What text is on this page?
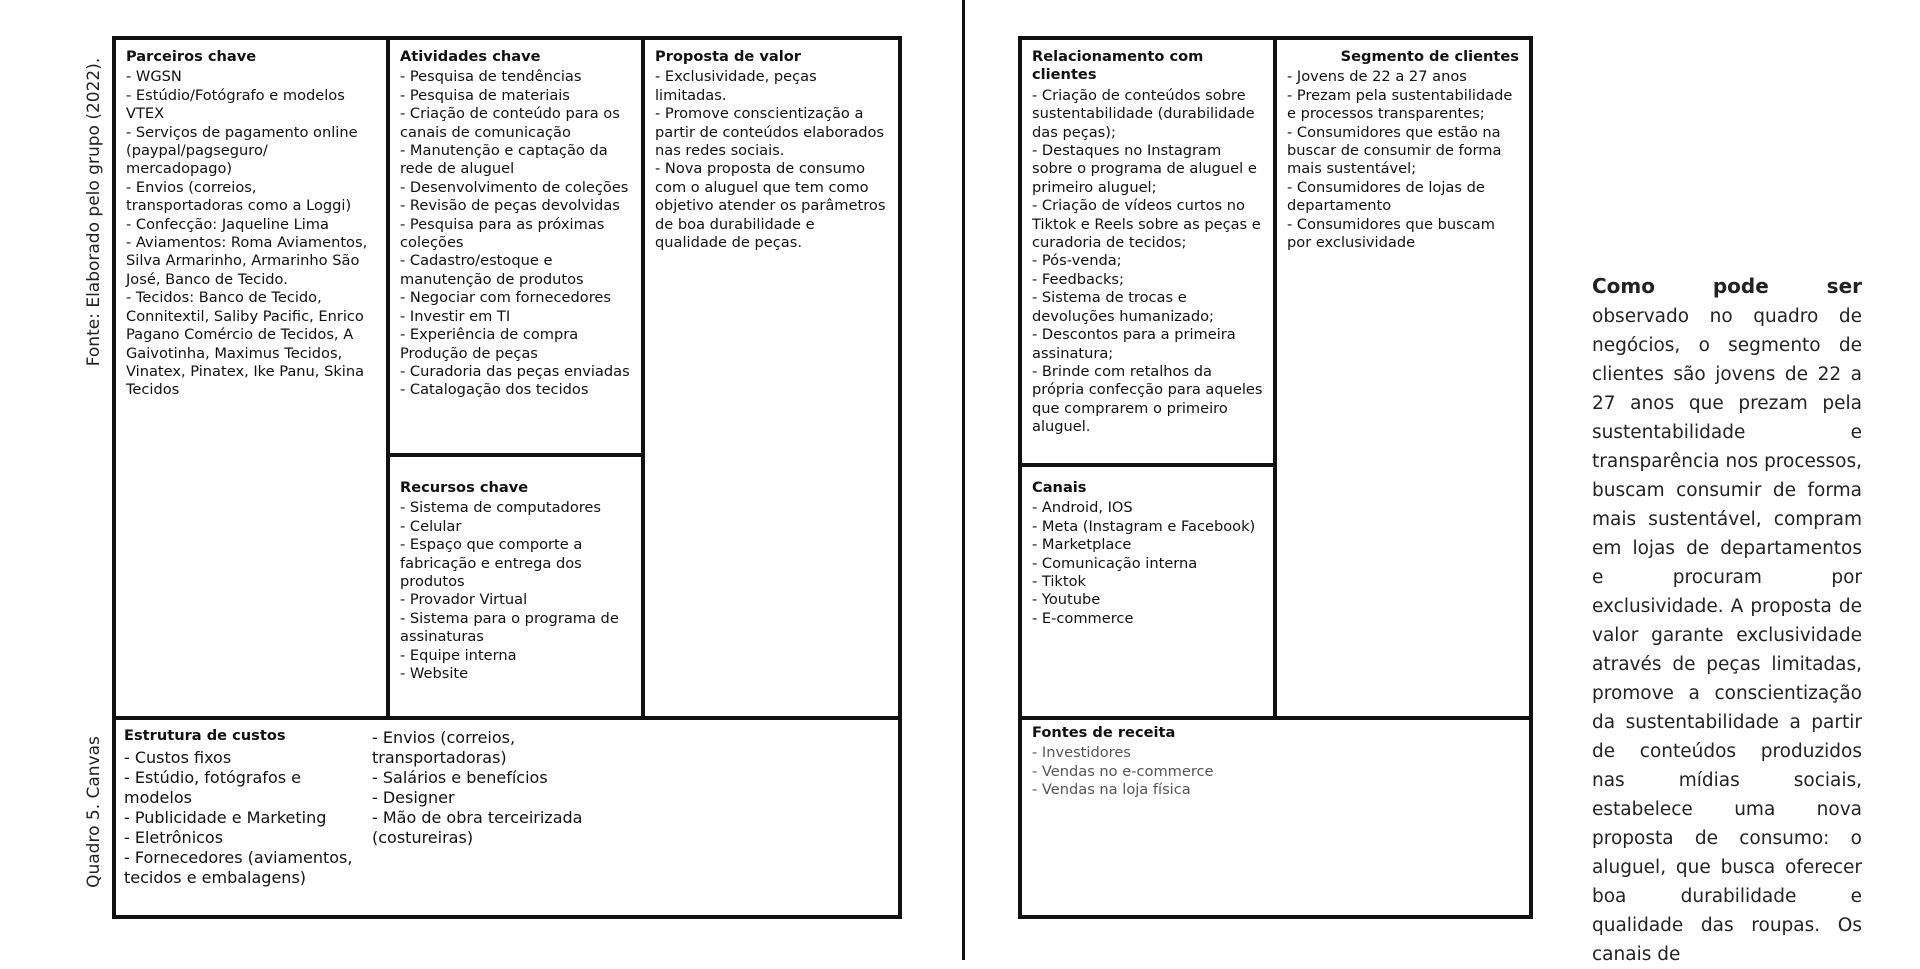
Fonte: Elaborado pelo grupo (2022).
Quadro 5. Canvas
Parceiros chave
- WGSN
- Estúdio/Fotógrafo e modelos VTEX
- Serviços de pagamento online (paypal/pagseguro/ mercadopago)
- Envios (correios, transportadoras como a Loggi)
- Confecção: Jaqueline Lima
- Aviamentos: Roma Aviamentos, Silva Armarinho, Armarinho São José, Banco de Tecido.
- Tecidos: Banco de Tecido, Connitextil, Saliby Pacific, Enrico Pagano Comércio de Tecidos, A Gaivotinha, Maximus Tecidos, Vinatex, Pinatex, Ike Panu, Skina Tecidos
Atividades chave
- Pesquisa de tendências
- Pesquisa de materiais
- Criação de conteúdo para os canais de comunicação
- Manutenção e captação da rede de aluguel
- Desenvolvimento de coleções
- Revisão de peças devolvidas
- Pesquisa para as próximas coleções
- Cadastro/estoque e manutenção de produtos
- Negociar com fornecedores
- Investir em TI
- Experiência de compra Produção de peças
- Curadoria das peças enviadas
- Catalogação dos tecidos
Recursos chave
- Sistema de computadores
- Celular
- Espaço que comporte a fabricação e entrega dos produtos
- Provador Virtual
- Sistema para o programa de assinaturas
- Equipe interna
- Website
Proposta de valor
- Exclusividade, peças limitadas.
- Promove conscientização a partir de conteúdos elaborados nas redes sociais.
- Nova proposta de consumo com o aluguel que tem como objetivo atender os parâmetros de boa durabilidade e qualidade de peças.
Estrutura de custos
- Custos fixos
- Estúdio, fotógrafos e modelos
- Publicidade e Marketing
- Eletrônicos
- Fornecedores (aviamentos, tecidos e embalagens)
- Envios (correios, transportadoras)
- Salários e benefícios
- Designer
- Mão de obra terceirizada (costureiras)
Relacionamento com clientes
- Criação de conteúdos sobre sustentabilidade (durabilidade das peças);
- Destaques no Instagram sobre o programa de aluguel e primeiro aluguel;
- Criação de vídeos curtos no Tiktok e Reels sobre as peças e curadoria de tecidos;
- Pós-venda;
- Feedbacks;
- Sistema de trocas e devoluções humanizado;
- Descontos para a primeira assinatura;
- Brinde com retalhos da própria confecção para aqueles que comprarem o primeiro aluguel.
Segmento de clientes
- Jovens de 22 a 27 anos
- Prezam pela sustentabilidade e processos transparentes;
- Consumidores que estão na buscar de consumir de forma mais sustentável;
- Consumidores de lojas de departamento
- Consumidores que buscam por exclusividade
Canais
- Android, IOS
- Meta (Instagram e Facebook)
- Marketplace
- Comunicação interna
- Tiktok
- Youtube
- E-commerce
Fontes de receita
- Investidores
- Vendas no e-commerce
- Vendas na loja física
Como pode ser observado no quadro de negócios, o segmento de clientes são jovens de 22 a 27 anos que prezam pela sustentabilidade e transparência nos processos, buscam consumir de forma mais sustentável, compram em lojas de departamentos e procuram por exclusividade. A proposta de valor garante exclusividade através de peças limitadas, promove a conscientização da sustentabilidade a partir de conteúdos produzidos nas mídias sociais, estabelece uma nova proposta de consumo: o aluguel, que busca oferecer boa durabilidade e qualidade das roupas. Os canais de
